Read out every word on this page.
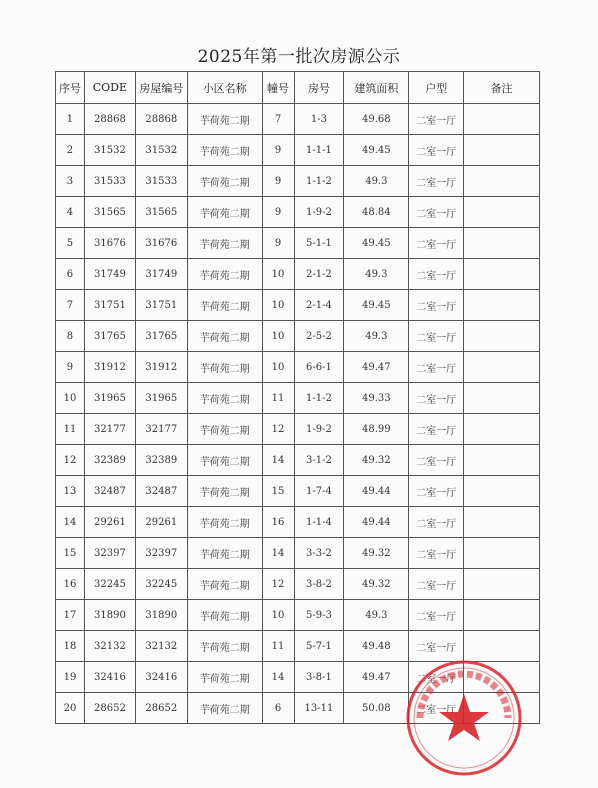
2025年第一批次房源公示
序号	CODE	房屋编号	小区名称	幢号	房号	建筑面积	户型	备注
1	28868	28868	芋荷苑二期	7	1-3	49.68	二室一厅	
2	31532	31532	芋荷苑二期	9	1-1-1	49.45	二室一厅	
3	31533	31533	芋荷苑二期	9	1-1-2	49.3	二室一厅	
4	31565	31565	芋荷苑二期	9	1-9-2	48.84	二室一厅	
5	31676	31676	芋荷苑二期	9	5-1-1	49.45	二室一厅	
6	31749	31749	芋荷苑二期	10	2-1-2	49.3	二室一厅	
7	31751	31751	芋荷苑二期	10	2-1-4	49.45	二室一厅	
8	31765	31765	芋荷苑二期	10	2-5-2	49.3	二室一厅	
9	31912	31912	芋荷苑二期	10	6-6-1	49.47	二室一厅	
10	31965	31965	芋荷苑二期	11	1-1-2	49.33	二室一厅	
11	32177	32177	芋荷苑二期	12	1-9-2	48.99	二室一厅	
12	32389	32389	芋荷苑二期	14	3-1-2	49.32	二室一厅	
13	32487	32487	芋荷苑二期	15	1-7-4	49.44	二室一厅	
14	29261	29261	芋荷苑二期	16	1-1-4	49.44	二室一厅	
15	32397	32397	芋荷苑二期	14	3-3-2	49.32	二室一厅	
16	32245	32245	芋荷苑二期	12	3-8-2	49.32	二室一厅	
17	31890	31890	芋荷苑二期	10	5-9-3	49.3	二室一厅	
18	32132	32132	芋荷苑二期	11	5-7-1	49.48	二室一厅	
19	32416	32416	芋荷苑二期	14	3-8-1	49.47	二室一厅	
20	28652	28652	芋荷苑二期	6	13-11	50.08	二室一厅	
